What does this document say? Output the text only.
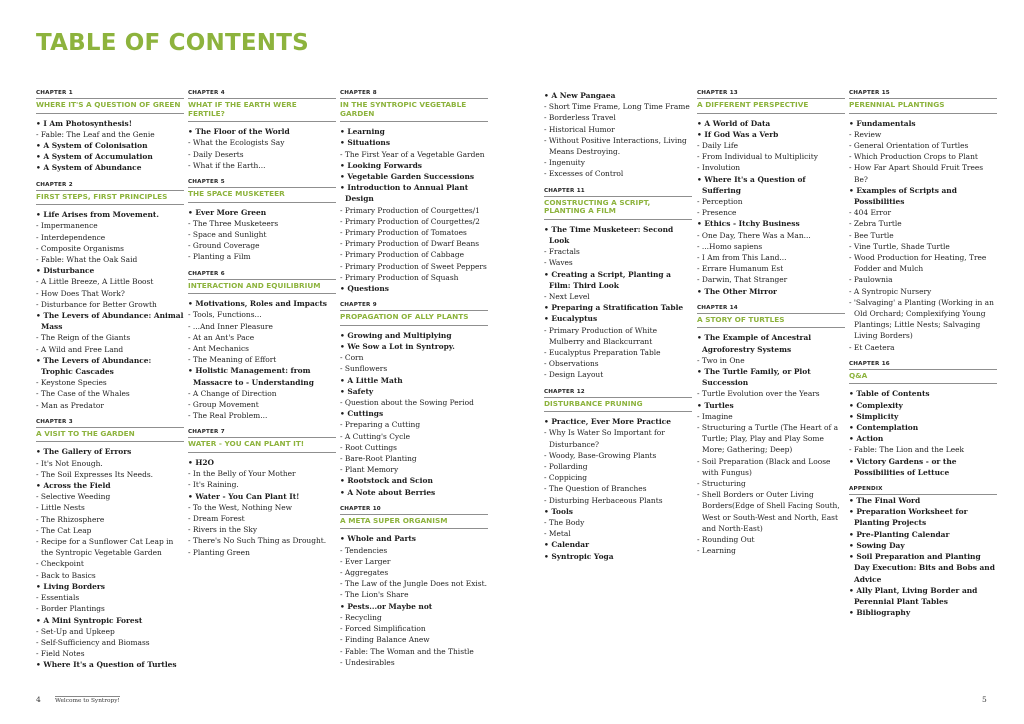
TABLE OF CONTENTS
CHAPTER 1
WHERE IT'S A QUESTION OF GREEN
• I Am Photosynthesis!
- Fable: The Leaf and the Genie
• A System of Colonisation
• A System of Accumulation
• A System of Abundance
CHAPTER 2
FIRST STEPS, FIRST PRINCIPLES
• Life Arises from Movement.
- Impermanence
- Interdependence
- Composite Organisms
- Fable: What the Oak Said
• Disturbance
- A Little Breeze, A Little Boost
- How Does That Work?
- Disturbance for Better Growth
• The Levers of Abundance: Animal Mass
- The Reign of the Giants
- A Wild and Free Land
• The Levers of Abundance: Trophic Cascades
- Keystone Species
- The Case of the Whales
- Man as Predator
CHAPTER 3
A VISIT TO THE GARDEN
• The Gallery of Errors
- It's Not Enough.
- The Soil Expresses Its Needs.
• Across the Field
- Selective Weeding
- Little Nests
- The Rhizosphere
- The Cat Leap
- Recipe for a Sunflower Cat Leap in the Syntropic Vegetable Garden
- Checkpoint
- Back to Basics
• Living Borders
- Essentials
- Border Plantings
• A Mini Syntropic Forest
- Set-Up and Upkeep
- Self-Sufficiency and Biomass
- Field Notes
• Where It's a Question of Turtles
CHAPTER 4
WHAT IF THE EARTH WERE FERTILE?
• The Floor of the World
- What the Ecologists Say
- Daily Deserts
- What if the Earth...
CHAPTER 5
THE SPACE MUSKETEER
• Ever More Green
- The Three Musketeers
- Space and Sunlight
- Ground Coverage
- Planting a Film
CHAPTER 6
INTERACTION AND EQUILIBRIUM
• Motivations, Roles and Impacts
- Tools, Functions...
- ...And Inner Pleasure
- At an Ant's Pace
- Ant Mechanics
- The Meaning of Effort
• Holistic Management: from Massacre to - Understanding
- A Change of Direction
- Group Movement
- The Real Problem...
CHAPTER 7
WATER - YOU CAN PLANT IT!
• H2O
- In the Belly of Your Mother
- It's Raining.
• Water - You Can Plant It!
- To the West, Nothing New
- Dream Forest
- Rivers in the Sky
- There's No Such Thing as Drought.
- Planting Green
CHAPTER 8
IN THE SYNTROPIC VEGETABLE GARDEN
• Learning
• Situations
- The First Year of a Vegetable Garden
• Looking Forwards
• Vegetable Garden Successions
• Introduction to Annual Plant Design
- Primary Production of Courgettes/1
- Primary Production of Courgettes/2
- Primary Production of Tomatoes
- Primary Production of Dwarf Beans
- Primary Production of Cabbage
- Primary Production of Sweet Peppers
- Primary Production of Squash
• Questions
CHAPTER 9
PROPAGATION OF ALLY PLANTS
• Growing and Multiplying
• We Sow a Lot in Syntropy.
- Corn
- Sunflowers
• A Little Math
• Safety
- Question about the Sowing Period
• Cuttings
- Preparing a Cutting
- A Cutting's Cycle
- Root Cuttings
- Bare-Root Planting
- Plant Memory
• Rootstock and Scion
• A Note about Berries
CHAPTER 10
A META SUPER ORGANISM
• Whole and Parts
- Tendencies
- Ever Larger
- Aggregates
- The Law of the Jungle Does not Exist.
- The Lion's Share
• Pests...or Maybe not
- Recycling
- Forced Simplification
- Finding Balance Anew
- Fable: The Woman and the Thistle
- Undesirables
• A New Pangaea
- Short Time Frame, Long Time Frame
- Borderless Travel
- Historical Humor
- Without Positive Interactions, Living Means Destroying.
- Ingenuity
- Excesses of Control
CHAPTER 11
CONSTRUCTING A SCRIPT, PLANTING A FILM
• The Time Musketeer: Second Look
- Fractals
- Waves
• Creating a Script, Planting a Film: Third Look
- Next Level
• Preparing a Stratification Table
• Eucalyptus
- Primary Production of White Mulberry and Blackcurrant
- Eucalyptus Preparation Table
- Observations
- Design Layout
CHAPTER 12
DISTURBANCE PRUNING
• Practice, Ever More Practice
- Why Is Water So Important for Disturbance?
- Woody, Base-Growing Plants
- Pollarding
- Coppicing
- The Question of Branches
- Disturbing Herbaceous Plants
• Tools
- The Body
- Metal
• Calendar
• Syntropic Yoga
CHAPTER 13
A DIFFERENT PERSPECTIVE
• A World of Data
• If God Was a Verb
- Daily Life
- From Individual to Multiplicity
- Involution
• Where It's a Question of Suffering
- Perception
- Presence
• Ethics - Itchy Business
- One Day, There Was a Man...
- ...Homo sapiens
- I Am from This Land...
- Errare Humanum Est
- Darwin, That Stranger
• The Other Mirror
CHAPTER 14
A STORY OF TURTLES
• The Example of Ancestral Agroforestry Systems
- Two in One
• The Turtle Family, or Plot Succession
- Turtle Evolution over the Years
• Turtles
- Imagine
- Structuring a Turtle (The Heart of a Turtle; Play, Play and Play Some More; Gathering; Deep)
- Soil Preparation (Black and Loose with Fungus)
- Structuring
- Shell Borders or Outer Living Borders(Edge of Shell Facing South, West or South-West and North, East and North-East)
- Rounding Out
- Learning
CHAPTER 15
PERENNIAL PLANTINGS
• Fundamentals
- Review
- General Orientation of Turtles
- Which Production Crops to Plant
- How Far Apart Should Fruit Trees Be?
• Examples of Scripts and Possibilities
- 404 Error
- Zebra Turtle
- Bee Turtle
- Vine Turtle, Shade Turtle
- Wood Production for Heating, Tree Fodder and Mulch
- Paulownia
- A Syntropic Nursery
- 'Salvaging' a Planting (Working in an Old Orchard; Complexifying Young Plantings; Little Nests; Salvaging Living Borders)
- Et Caetera
CHAPTER 16
Q&A
• Table of Contents
• Complexity
• Simplicity
• Contemplation
• Action
- Fable: The Lion and the Leek
• Victory Gardens - or the Possibilities of Lettuce
APPENDIX
• The Final Word
• Preparation Worksheet for Planting Projects
• Pre-Planting Calendar
• Sowing Day
• Soil Preparation and Planting Day Execution: Bits and Bobs and Advice
• Ally Plant, Living Border and Perennial Plant Tables
• Bibliography
4 Welcome to Syntropy!	5
